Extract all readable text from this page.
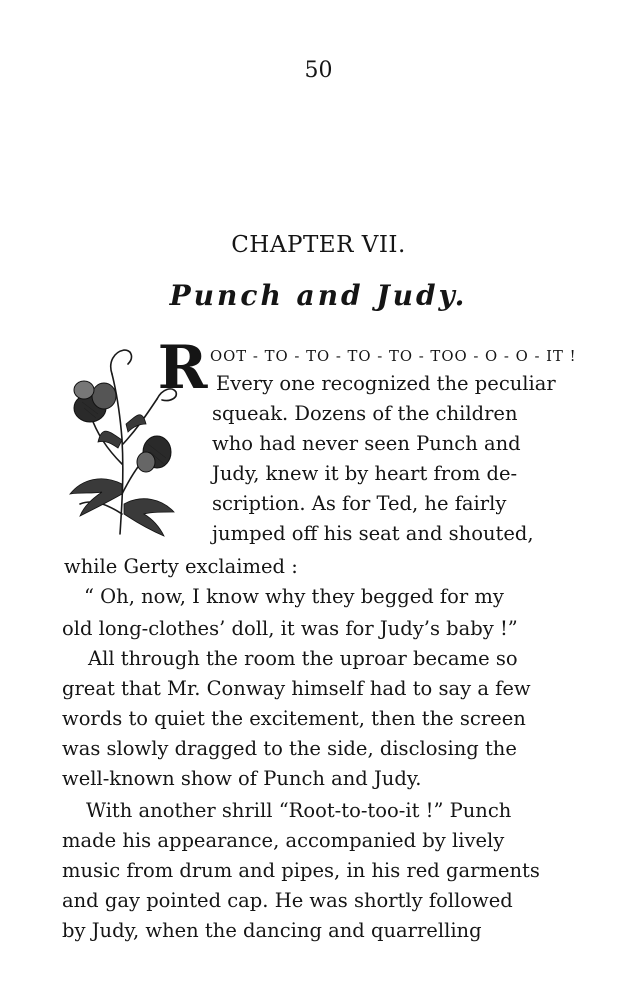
50
CHAPTER VII.
Punch and Judy.
R OOT - TO - TO - TO - TO - TOO - O - O - IT !
Every one recognized the peculiar
squeak. Dozens of the children
who had never seen Punch and
Judy, knew it by heart from de-
scription. As for Ted, he fairly
jumped off his seat and shouted,
while Gerty exclaimed :
“ Oh, now, I know why they begged for my
old long-clothes’ doll, it was for Judy’s baby !”
All through the room the uproar became so
great that Mr. Conway himself had to say a few
words to quiet the excitement, then the screen
was slowly dragged to the side, disclosing the
well-known show of Punch and Judy.
With another shrill “Root-to-too-it !” Punch
made his appearance, accompanied by lively
music from drum and pipes, in his red garments
and gay pointed cap. He was shortly followed
by Judy, when the dancing and quarrelling
